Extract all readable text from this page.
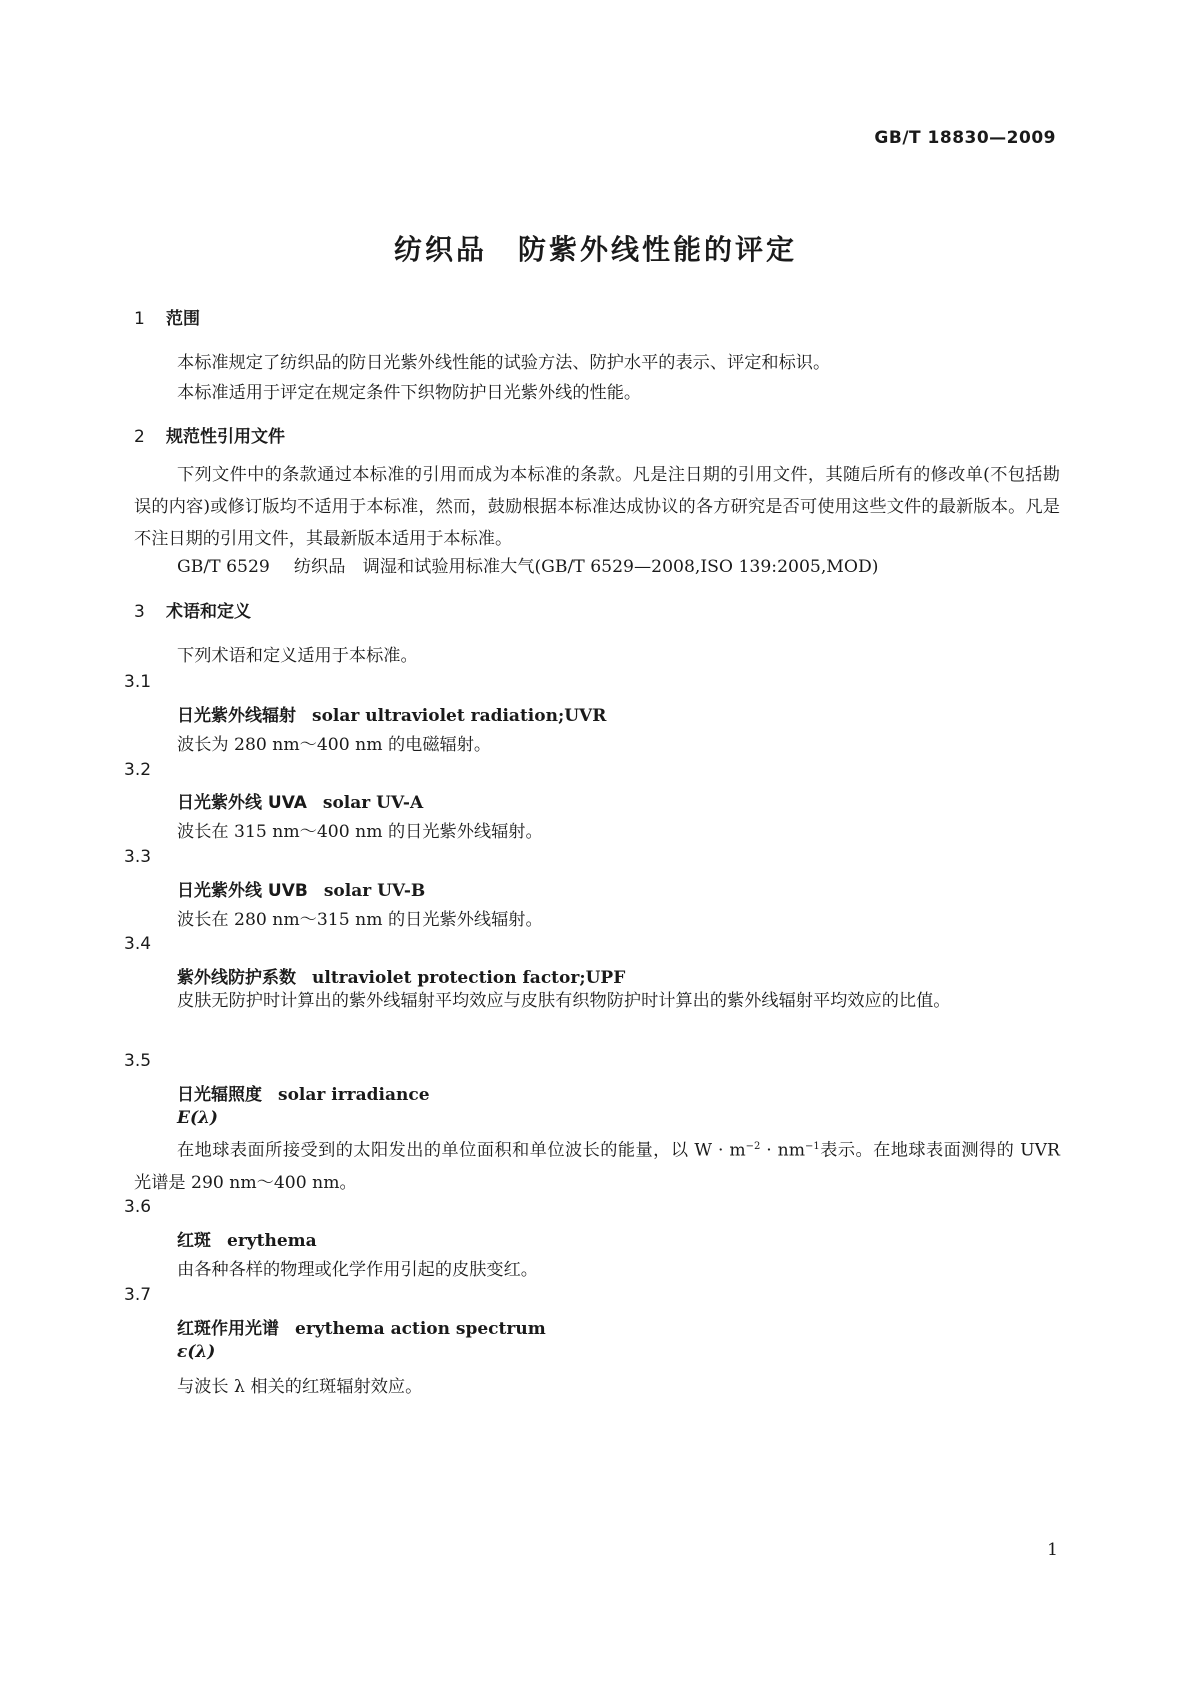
GB/T 18830—2009
纺织品　防紫外线性能的评定
1 范围
本标准规定了纺织品的防日光紫外线性能的试验方法、防护水平的表示、评定和标识。
本标准适用于评定在规定条件下织物防护日光紫外线的性能。
2 规范性引用文件

下列文件中的条款通过本标准的引用而成为本标准的条款。凡是注日期的引用文件，其随后所有的修改单(不包括勘误的内容)或修订版均不适用于本标准，然而，鼓励根据本标准达成协议的各方研究是否可使用这些文件的最新版本。凡是不注日期的引用文件，其最新版本适用于本标准。

GB/T 6529 纺织品　调湿和试验用标准大气(GB/T 6529—2008,ISO 139:2005,MOD)
3 术语和定义
下列术语和定义适用于本标准。
3.1
日光紫外线辐射 solar ultraviolet radiation;UVR
波长为 280 nm～400 nm 的电磁辐射。
3.2
日光紫外线 UVA solar UV-A
波长在 315 nm～400 nm 的日光紫外线辐射。
3.3
日光紫外线 UVB solar UV-B
波长在 280 nm～315 nm 的日光紫外线辐射。
3.4
紫外线防护系数 ultraviolet protection factor;UPF

皮肤无防护时计算出的紫外线辐射平均效应与皮肤有织物防护时计算出的紫外线辐射平均效应的比值。

3.5
日光辐照度 solar irradiance
E(λ)

在地球表面所接受到的太阳发出的单位面积和单位波长的能量，以 $W \cdot m^{-2} \cdot nm^{-1}$表示。在地球表面测得的 UVR 光谱是 290 nm～400 nm。

3.6
红斑 erythema
由各种各样的物理或化学作用引起的皮肤变红。
3.7
红斑作用光谱 erythema action spectrum
ε(λ)
与波长 λ 相关的红斑辐射效应。
1
